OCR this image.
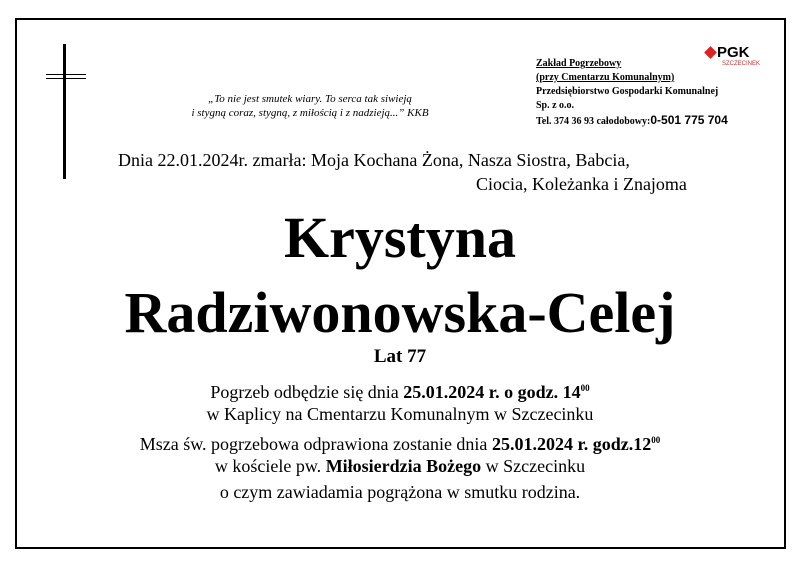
„To nie jest smutek wiary. To serca tak siwieją
i stygną coraz, stygną, z miłością i z nadzieją...” KKB
Zakład Pogrzebowy
(przy Cmentarzu Komunalnym)
Przedsiębiorstwo Gospodarki Komunalnej
Sp. z o.o.
Tel. 374 36 93 całodobowy:0-501 775 704
PGK
SZCZECINEK
Dnia 22.01.2024r. zmarła: Moja Kochana Żona, Nasza Siostra, Babcia,
Ciocia, Koleżanka i Znajoma
Krystyna
Radziwonowska-Celej
Lat 77
Pogrzeb odbędzie się dnia 25.01.2024 r. o godz. $14^{00}$
w Kaplicy na Cmentarzu Komunalnym w Szczecinku
Msza św. pogrzebowa odprawiona zostanie dnia 25.01.2024 r. $godz.12^{00}$
w kościele pw. Miłosierdzia Bożego w Szczecinku
o czym zawiadamia pogrążona w smutku rodzina.
